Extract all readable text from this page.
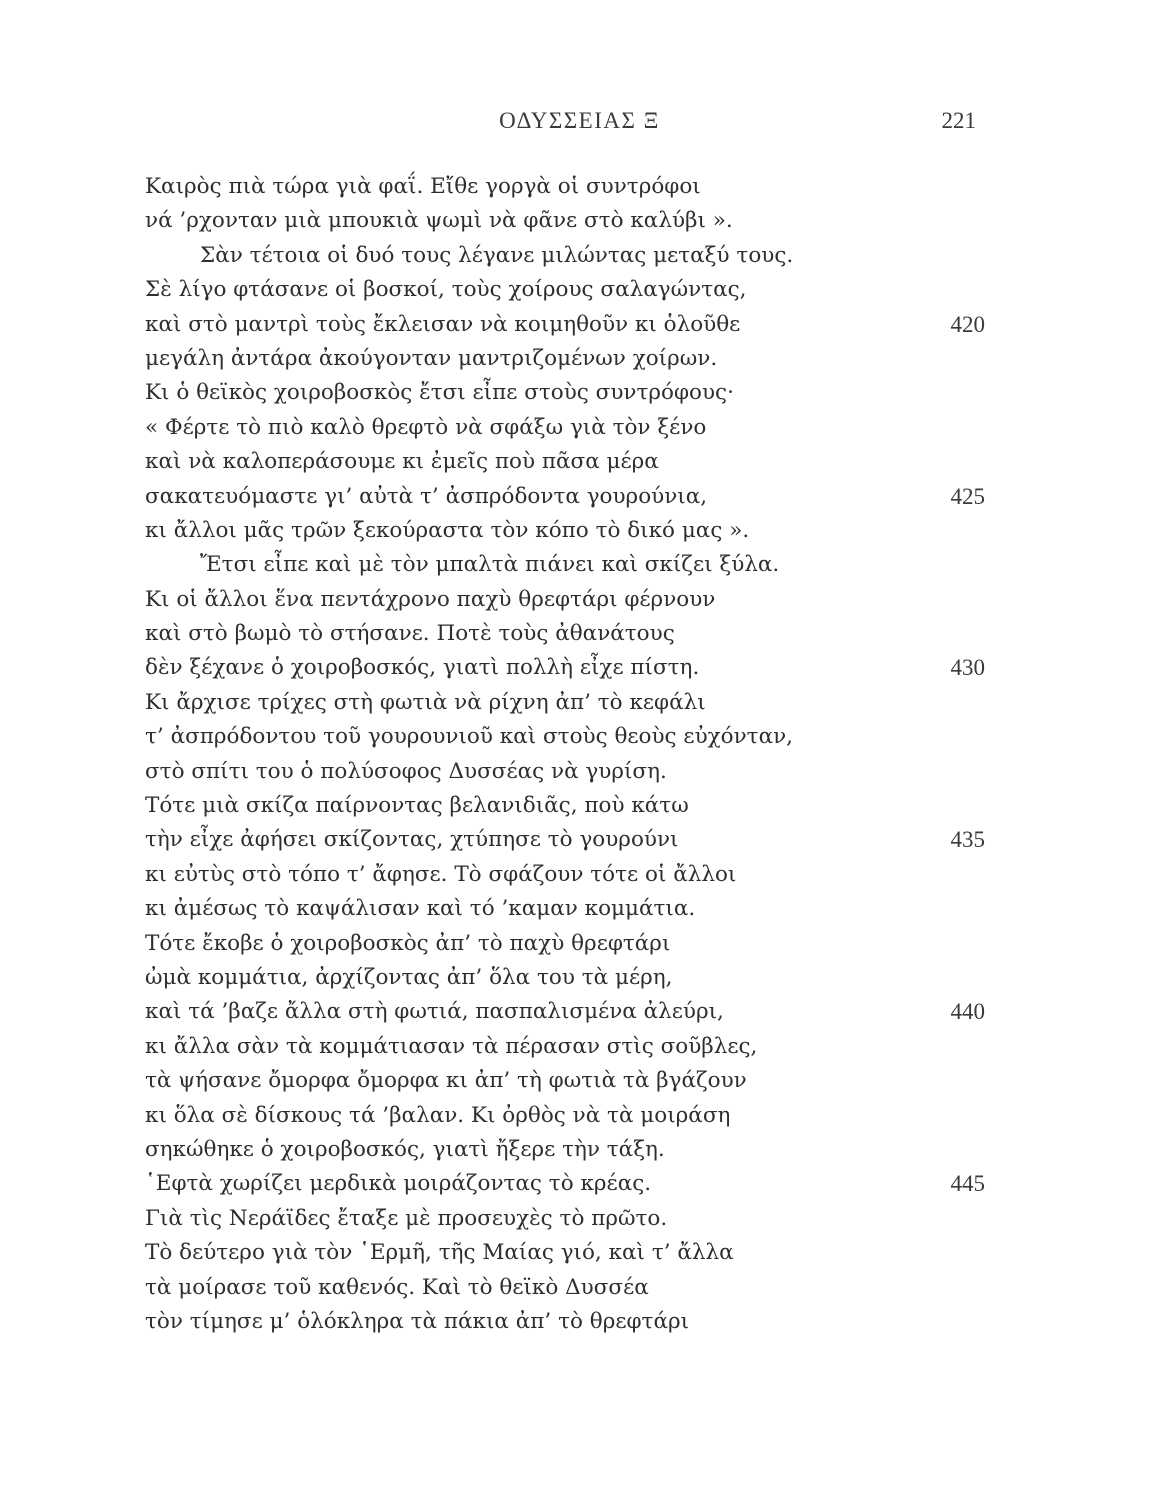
ΟΔΥΣΣΕΙΑΣ Ξ	221
Καιρὸς πιὰ τώρα γιὰ φαΐ. Εἴθε γοργὰ οἱ συντρόφοι
νά ’ρχονταν μιὰ μπουκιὰ ψωμὶ νὰ φᾶνε στὸ καλύβι ».
Σὰν τέτοια οἱ δυό τους λέγανε μιλώντας μεταξύ τους.
Σὲ λίγο φτάσανε οἱ βοσκοί, τοὺς χοίρους σαλαγώντας,
καὶ στὸ μαντρὶ τοὺς ἔκλεισαν νὰ κοιμηθοῦν κι ὁλοῦθε	420
μεγάλη ἀντάρα ἀκούγονταν μαντριζομένων χοίρων.
Κι ὁ θεϊκὸς χοιροβοσκὸς ἔτσι εἶπε στοὺς συντρόφους·
« Φέρτε τὸ πιὸ καλὸ θρεφτὸ νὰ σφάξω γιὰ τὸν ξένο
καὶ νὰ καλοπεράσουμε κι ἐμεῖς ποὺ πᾶσα μέρα
σακατευόμαστε γι’ αὐτὰ τ’ ἀσπρόδοντα γουρούνια,	425
κι ἄλλοι μᾶς τρῶν ξεκούραστα τὸν κόπο τὸ δικό μας ».
Ἔτσι εἶπε καὶ μὲ τὸν μπαλτὰ πιάνει καὶ σκίζει ξύλα.
Κι οἱ ἄλλοι ἕνα πεντάχρονο παχὺ θρεφτάρι φέρνουν
καὶ στὸ βωμὸ τὸ στήσανε. Ποτὲ τοὺς ἀθανάτους
δὲν ξέχανε ὁ χοιροβοσκός, γιατὶ πολλὴ εἶχε πίστη.	430
Κι ἄρχισε τρίχες στὴ φωτιὰ νὰ ρίχνη ἀπ’ τὸ κεφάλι
τ’ ἀσπρόδοντου τοῦ γουρουνιοῦ καὶ στοὺς θεοὺς εὐχόνταν,
στὸ σπίτι του ὁ πολύσοφος Δυσσέας νὰ γυρίση.
Τότε μιὰ σκίζα παίρνοντας βελανιδιᾶς, ποὺ κάτω
τὴν εἶχε ἀφήσει σκίζοντας, χτύπησε τὸ γουρούνι	435
κι εὐτὺς στὸ τόπο τ’ ἄφησε. Τὸ σφάζουν τότε οἱ ἄλλοι
κι ἀμέσως τὸ καψάλισαν καὶ τό ’καμαν κομμάτια.
Τότε ἔκοβε ὁ χοιροβοσκὸς ἀπ’ τὸ παχὺ θρεφτάρι
ὠμὰ κομμάτια, ἀρχίζοντας ἀπ’ ὅλα του τὰ μέρη,
καὶ τά ’βαζε ἄλλα στὴ φωτιά, πασπαλισμένα ἀλεύρι,	440
κι ἄλλα σὰν τὰ κομμάτιασαν τὰ πέρασαν στὶς σοῦβλες,
τὰ ψήσανε ὄμορφα ὄμορφα κι ἀπ’ τὴ φωτιὰ τὰ βγάζουν
κι ὅλα σὲ δίσκους τά ’βαλαν. Κι ὀρθὸς νὰ τὰ μοιράση
σηκώθηκε ὁ χοιροβοσκός, γιατὶ ἤξερε τὴν τάξη.
῾Εφτὰ χωρίζει μερδικὰ μοιράζοντας τὸ κρέας.	445
Γιὰ τὶς Νεράϊδες ἔταξε μὲ προσευχὲς τὸ πρῶτο.
Τὸ δεύτερο γιὰ τὸν ῾Ερμῆ, τῆς Μαίας γιό, καὶ τ’ ἄλλα
τὰ μοίρασε τοῦ καθενός. Καὶ τὸ θεϊκὸ Δυσσέα
τὸν τίμησε μ’ ὁλόκληρα τὰ πάκια ἀπ’ τὸ θρεφτάρι
